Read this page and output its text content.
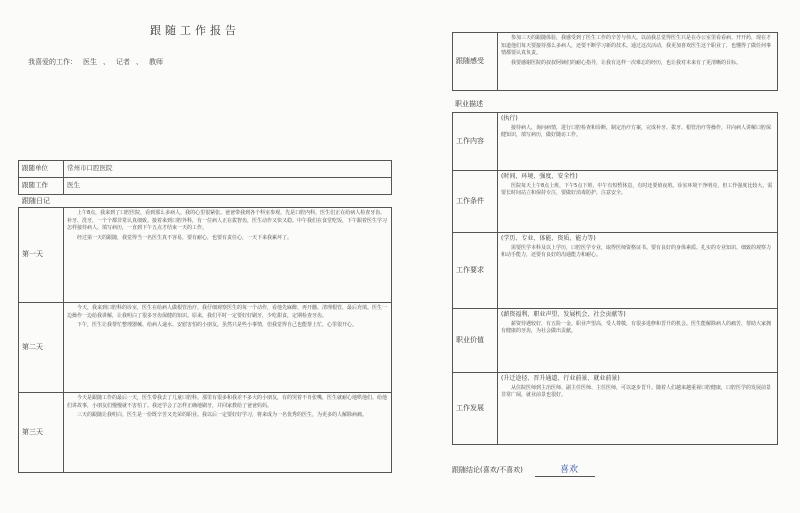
跟随工作报告
我喜爱的工作： 医生 、 记者 、 教师
跟随单位	常州市口腔医院
跟随工作	医生
跟随日记
第一天	上午8点，我来到了口腔医院，看到那么多病人，我的心里很紧张。爸爸带我到各个科室参观，先是口腔内科，医生们正在给病人检查牙齿、补牙、洗牙，一个个都非常认真细致。接着来到口腔外科，有一位病人正在拔智齿，医生动作又快又稳。中午我们在食堂吃饭，下午跟着医生学习怎样接待病人、填写病历，一直到下午五点才结束一天的工作。

经过第一天的跟随，我觉得当一名医生真不容易，要有耐心，也要有责任心，一天下来我累坏了。

第二天	今天，我来到口腔科的诊室，医生在给病人做根管治疗。我仔细观察医生的每一个动作，看他先麻醉、再开髓、清理根管，最后充填。医生一边操作一边给我讲解，让我明白了很多牙齿保健的知识。原来，我们平时一定要好好刷牙，少吃甜食，定期检查牙齿。

下午，医生让我帮忙整理器械、给病人递水、安慰害怕的小朋友。虽然只是些小事情，但我觉得自己也能帮上忙，心里很开心。

第三天	今天是跟随工作的最后一天，医生带我去了儿童口腔科。那里有很多和我差不多大的小朋友，有的哭着不肯张嘴，医生就耐心地哄他们、给他们讲故事，小朋友们慢慢就不害怕了。我还学会了怎样正确地刷牙，并回家教给了爸爸妈妈。

三天的跟随让我明白，医生是一份既辛苦又光荣的职业。我以后一定要好好学习，将来成为一名优秀的医生，为更多的人解除病痛。

跟随感受	

参加三天的跟随体验，我感受到了医生工作的辛苦与伟大。以前我总觉得医生只是在办公室里看看病、开开药，现在才知道他们每天要接待那么多病人，还要不断学习新的技术。通过这次活动，我更加喜欢医生这个职业了，也懂得了做任何事情都要认真负责。

我要感谢医院的叔叔阿姨们的耐心指导，让我有这样一次难忘的经历，也让我对未来有了更清晰的目标。

职业描述
工作内容	(执行)

接待病人，询问病情，进行口腔检查和诊断，制定治疗方案，完成补牙、拔牙、根管治疗等操作，并向病人讲解口腔保健知识，填写病历，做好随访工作。

工作条件	(时间、环境、强度、安全性)

医院每天上午8点上班，下午5点下班，中午有短暂休息，有时还要值夜班。诊室环境干净明亮，但工作强度比较大，需要长时间站立和保持专注，要做好消毒防护，注意安全。

工作要求	(学历、专业、体能、资质、能力等)

需要医学本科及以上学历，口腔医学专业，取得医师资格证书。要有良好的身体素质、扎实的专业知识、细致的观察力和动手能力，还要有良好的沟通能力和耐心。

职业价值	(薪资福利、职业声望、发展机会、社会贡献等)

薪资待遇较好，有五险一金。职业声望高，受人尊敬，有很多进修和晋升的机会。医生能解除病人的痛苦，帮助大家拥有健康的牙齿，为社会做出贡献。

工作发展	(升迁途径、晋升通道、行业前景、就业前景)

从住院医师到主治医师、副主任医师、主任医师，可以逐步晋升。随着人们越来越重视口腔健康，口腔医学的发展前景非常广阔，就业前景也很好。

跟随结论(喜欢/不喜欢)	喜欢
